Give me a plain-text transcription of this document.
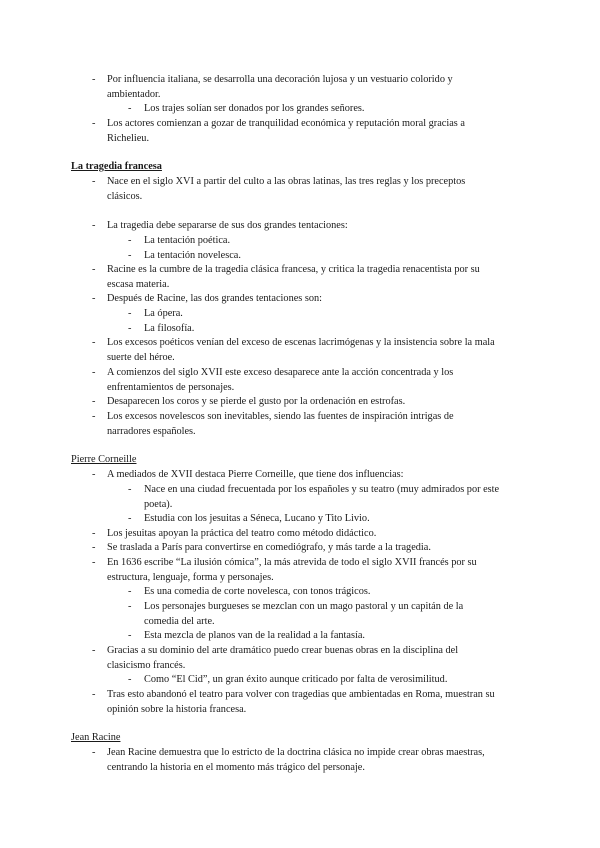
- Por influencia italiana, se desarrolla una decoración lujosa y un vestuario colorido y
ambientador.
- Los trajes solían ser donados por los grandes señores.
- Los actores comienzan a gozar de tranquilidad económica y reputación moral gracias a
Richelieu.
La tragedia francesa
- Nace en el siglo XVI a partir del culto a las obras latinas, las tres reglas y los preceptos
clásicos.
- La tragedia debe separarse de sus dos grandes tentaciones:
- La tentación poética.
- La tentación novelesca.
- Racine es la cumbre de la tragedia clásica francesa, y critica la tragedia renacentista por su
escasa materia.
- Después de Racine, las dos grandes tentaciones son:
- La ópera.
- La filosofía.
- Los excesos poéticos venían del exceso de escenas lacrimógenas y la insistencia sobre la mala
suerte del héroe.
- A comienzos del siglo XVII este exceso desaparece ante la acción concentrada y los
enfrentamientos de personajes.
- Desaparecen los coros y se pierde el gusto por la ordenación en estrofas.
- Los excesos novelescos son inevitables, siendo las fuentes de inspiración intrigas de
narradores españoles.
Pierre Corneille
- A mediados de XVII destaca Pierre Corneille, que tiene dos influencias:
- Nace en una ciudad frecuentada por los españoles y su teatro (muy admirados por este
poeta).
- Estudia con los jesuitas a Séneca, Lucano y Tito Livio.
- Los jesuitas apoyan la práctica del teatro como método didáctico.
- Se traslada a París para convertirse en comediógrafo, y más tarde a la tragedia.
- En 1636 escribe “La ilusión cómica”, la más atrevida de todo el siglo XVII francés por su
estructura, lenguaje, forma y personajes.
- Es una comedia de corte novelesca, con tonos trágicos.
- Los personajes burgueses se mezclan con un mago pastoral y un capitán de la
comedia del arte.
- Esta mezcla de planos van de la realidad a la fantasía.
- Gracias a su dominio del arte dramático puedo crear buenas obras en la disciplina del
clasicismo francés.
- Como “El Cid”, un gran éxito aunque criticado por falta de verosimilitud.
- Tras esto abandonó el teatro para volver con tragedias que ambientadas en Roma, muestran su
opinión sobre la historia francesa.
Jean Racine
- Jean Racine demuestra que lo estricto de la doctrina clásica no impide crear obras maestras,
centrando la historia en el momento más trágico del personaje.
